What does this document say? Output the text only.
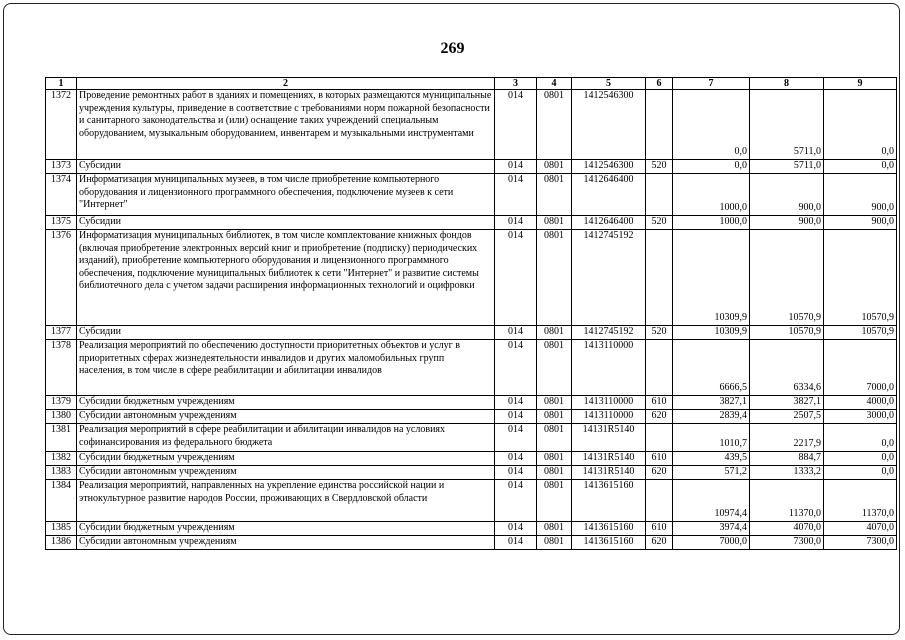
269
1	2	3	4	5	6	7	8	9
1372	Проведение ремонтных работ в зданиях и помещениях, в которых размещаются муниципальные учреждения культуры, приведение в соответствие с требованиями норм пожарной безопасности и санитарного законодательства и (или) оснащение таких учреждений специальным оборудованием, музыкальным оборудованием, инвентарем и музыкальными инструментами	014	0801	1412546300		0,0	5711,0	0,0
1373	Субсидии	014	0801	1412546300	520	0,0	5711,0	0,0
1374	Информатизация муниципальных музеев, в том числе приобретение компьютерного оборудования и лицензионного программного обеспечения, подключение музеев к сети "Интернет"	014	0801	1412646400		1000,0	900,0	900,0
1375	Субсидии	014	0801	1412646400	520	1000,0	900,0	900,0
1376	Информатизация муниципальных библиотек, в том числе комплектование книжных фондов (включая приобретение электронных версий книг и приобретение (подписку) периодических изданий), приобретение компьютерного оборудования и лицензионного программного обеспечения, подключение муниципальных библиотек к сети "Интернет" и развитие системы библиотечного дела с учетом задачи расширения информационных технологий и оцифровки	014	0801	1412745192		10309,9	10570,9	10570,9
1377	Субсидии	014	0801	1412745192	520	10309,9	10570,9	10570,9
1378	Реализация мероприятий по обеспечению доступности приоритетных объектов и услуг в приоритетных сферах жизнедеятельности инвалидов и других маломобильных групп населения, в том числе в сфере реабилитации и абилитации инвалидов	014	0801	1413110000		6666,5	6334,6	7000,0
1379	Субсидии бюджетным учреждениям	014	0801	1413110000	610	3827,1	3827,1	4000,0
1380	Субсидии автономным учреждениям	014	0801	1413110000	620	2839,4	2507,5	3000,0
1381	Реализация мероприятий в сфере реабилитации и абилитации инвалидов на условиях софинансирования из федерального бюджета	014	0801	14131R5140		1010,7	2217,9	0,0
1382	Субсидии бюджетным учреждениям	014	0801	14131R5140	610	439,5	884,7	0,0
1383	Субсидии автономным учреждениям	014	0801	14131R5140	620	571,2	1333,2	0,0
1384	Реализация мероприятий, направленных на укрепление единства российской нации и этнокультурное развитие народов России, проживающих в Свердловской области	014	0801	1413615160		10974,4	11370,0	11370,0
1385	Субсидии бюджетным учреждениям	014	0801	1413615160	610	3974,4	4070,0	4070,0
1386	Субсидии автономным учреждениям	014	0801	1413615160	620	7000,0	7300,0	7300,0
